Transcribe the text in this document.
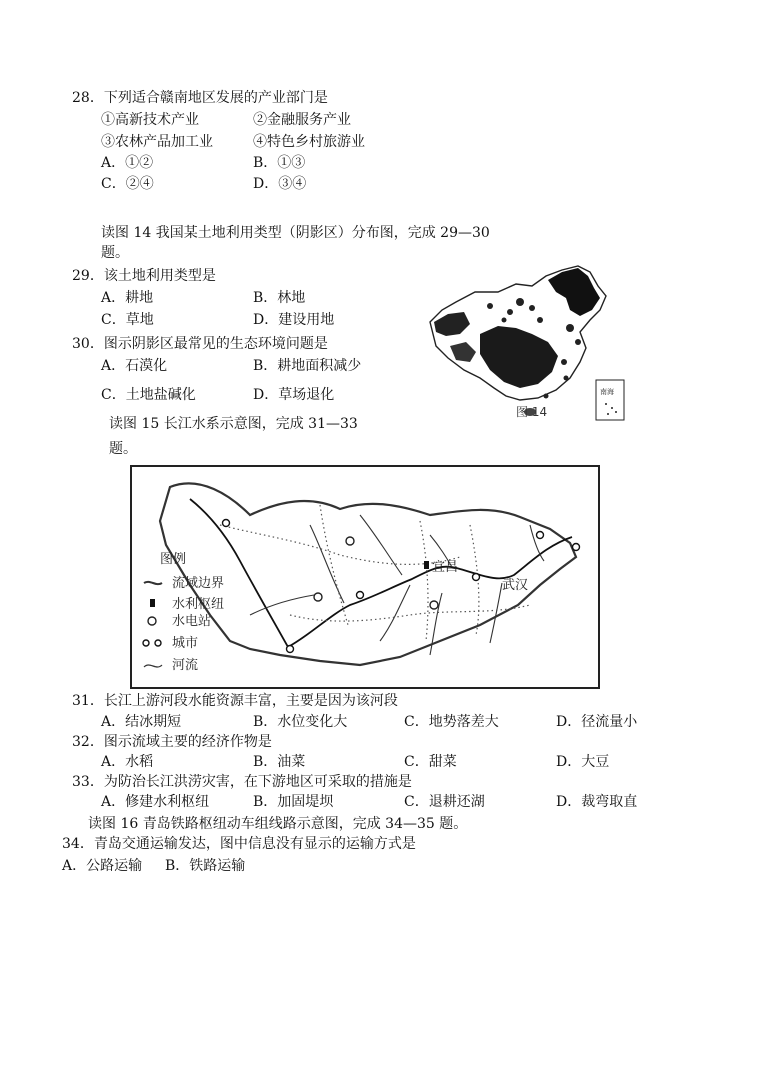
28．下列适合赣南地区发展的产业部门是
①高新技术产业	②金融服务产业
③农林产品加工业	④特色乡村旅游业
A．①②	B．①③
C．②④	D．③④
读图 14 我国某土地利用类型（阴影区）分布图，完成 29—30
题。
29．该土地利用类型是
A．耕地	B．林地
C．草地	D．建设用地
30．图示阴影区最常见的生态环境问题是
A．石漠化	B．耕地面积减少
C．土地盐碱化	D．草场退化
图 14
南海
读图 15 长江水系示意图，完成 31—33
题。
宜昌
武汉
图例
流域边界
水利枢纽
水电站
城市
河流
31．长江上游河段水能资源丰富，主要是因为该河段
A．结冰期短	B．水位变化大	C．地势落差大	D．径流量小
32．图示流域主要的经济作物是
A．水稻	B．油菜	C．甜菜	D．大豆
33．为防治长江洪涝灾害，在下游地区可采取的措施是
A．修建水利枢纽	B．加固堤坝	C．退耕还湖	D．裁弯取直
读图 16 青岛铁路枢纽动车组线路示意图，完成 34—35 题。
34．青岛交通运输发达，图中信息没有显示的运输方式是
A．公路运输 B．铁路运输
